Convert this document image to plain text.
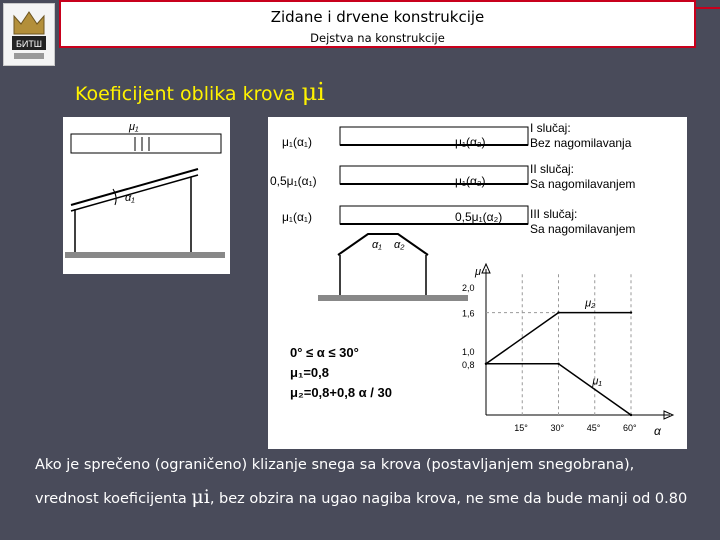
БИТШ
Zidane i drvene konstrukcije
Dejstva na konstrukcije
Koeficijent oblika krova μi
μ₁
α₁
μ₁(α₁)	μ₁(α₂)
0,5μ₁(α₁)	μ₁(α₂)
μ₁(α₁)	0,5μ₁(α₂)
I slučaj:
Bez nagomilavanja
II slučaj:
Sa nagomilavanjem
III slučaj:
Sa nagomilavanjem
α₁ α₂
0° ≤ α ≤ 30°
μ₁=0,8
μ₂=0,8+0,8 α / 30
μ
α
2,0
1,6
1,0
0,8
15°	30°	45°	60°
μ₂
μ₁

Ako je sprečeno (ograničeno) klizanje snega sa krova (postavljanjem snegobrana),

vrednost koeficijenta μi, bez obzira na ugao nagiba krova, ne sme da bude manji od 0.80
